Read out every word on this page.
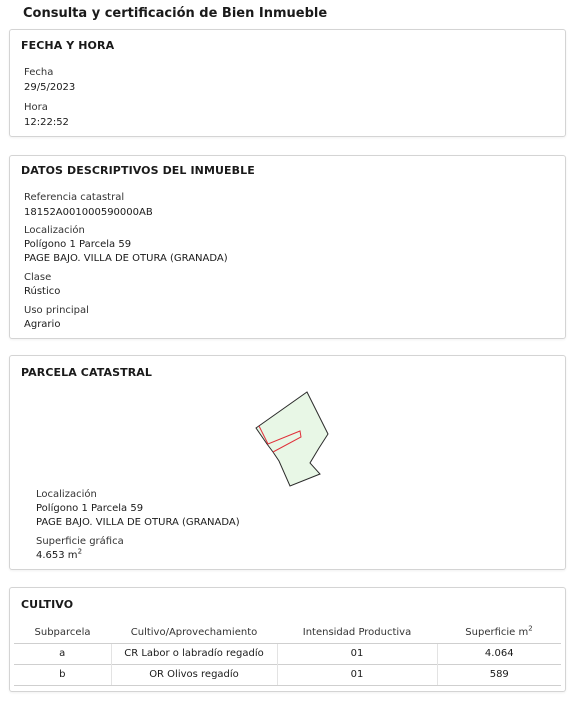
Consulta y certificación de Bien Inmueble
FECHA Y HORA
Fecha
29/5/2023
Hora
12:22:52
DATOS DESCRIPTIVOS DEL INMUEBLE
Referencia catastral
18152A001000590000AB
Localización
Polígono 1 Parcela 59
PAGE BAJO. VILLA DE OTURA (GRANADA)
Clase
Rústico
Uso principal
Agrario
PARCELA CATASTRAL
Localización
Polígono 1 Parcela 59
PAGE BAJO. VILLA DE OTURA (GRANADA)
Superficie gráfica
4.653 $m^2$
CULTIVO
Subparcela	Cultivo/Aprovechamiento	Intensidad Productiva	Superficie $m^2$
a	CR Labor o labradío regadío	01	4.064
b	OR Olivos regadío	01	589
